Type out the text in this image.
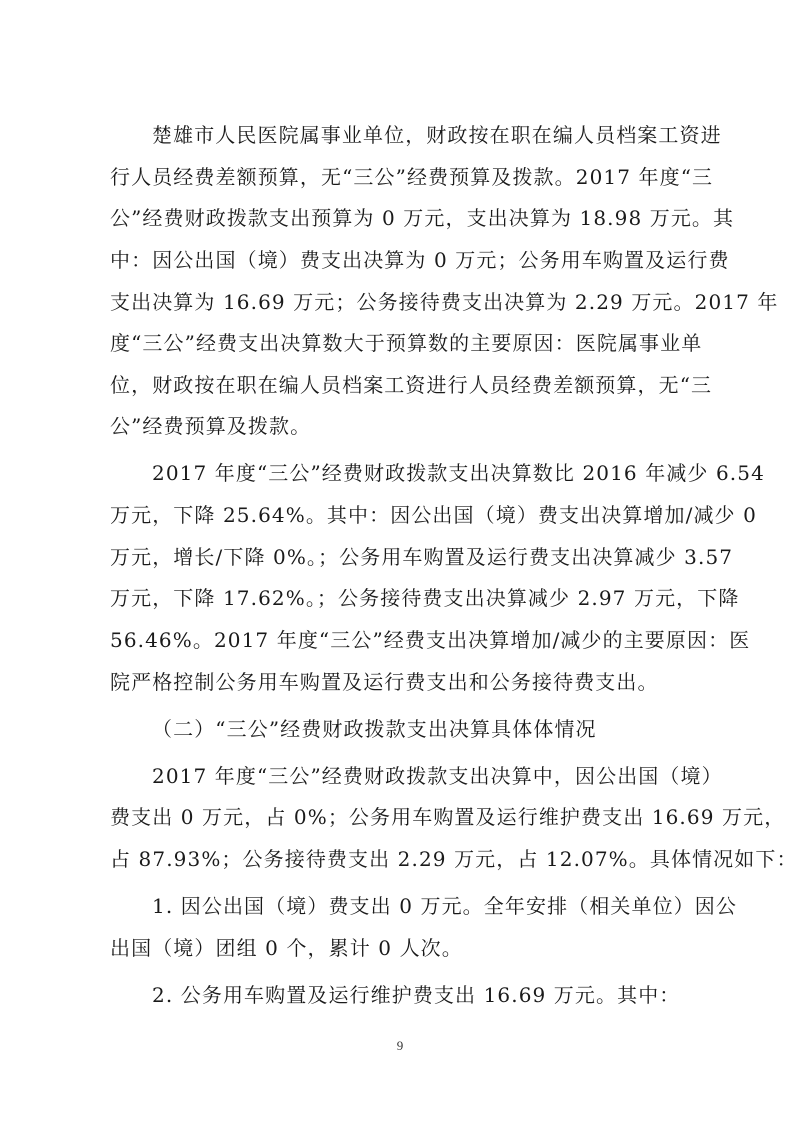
楚雄市人民医院属事业单位，财政按在职在编人员档案工资进
行人员经费差额预算，无“三公”经费预算及拨款。2017 年度“三
公”经费财政拨款支出预算为 0 万元，支出决算为 18.98 万元。其
中：因公出国（境）费支出决算为 0 万元；公务用车购置及运行费
支出决算为 16.69 万元；公务接待费支出决算为 2.29 万元。2017 年
度“三公”经费支出决算数大于预算数的主要原因：医院属事业单
位，财政按在职在编人员档案工资进行人员经费差额预算，无“三
公”经费预算及拨款。
2017 年度“三公”经费财政拨款支出决算数比 2016 年减少 6.54
万元，下降 25.64%。其中：因公出国（境）费支出决算增加/减少 0
万元，增长/下降 0%。；公务用车购置及运行费支出决算减少 3.57
万元，下降 17.62%。；公务接待费支出决算减少 2.97 万元，下降
56.46%。2017 年度“三公”经费支出决算增加/减少的主要原因：医
院严格控制公务用车购置及运行费支出和公务接待费支出。
（二）“三公”经费财政拨款支出决算具体体情况
2017 年度“三公”经费财政拨款支出决算中，因公出国（境）
费支出 0 万元，占 0%；公务用车购置及运行维护费支出 16.69 万元，
占 87.93%；公务接待费支出 2.29 万元，占 12.07%。具体情况如下：
1. 因公出国（境）费支出 0 万元。全年安排（相关单位）因公
出国（境）团组 0 个，累计 0 人次。
2. 公务用车购置及运行维护费支出 16.69 万元。其中：
9
